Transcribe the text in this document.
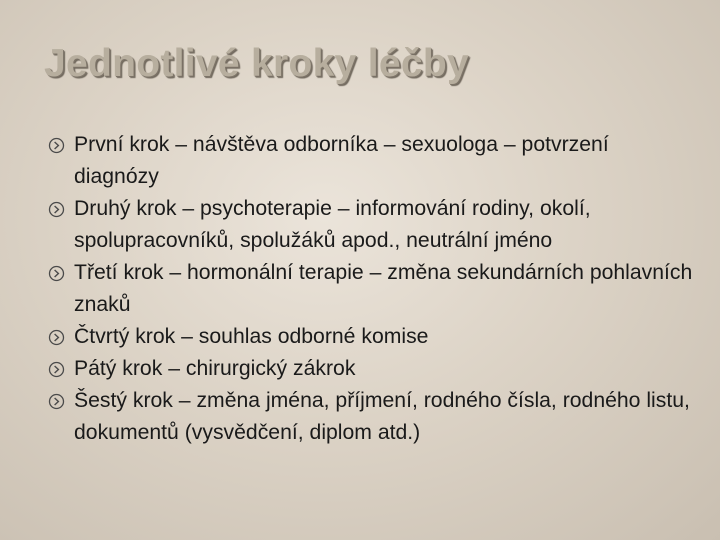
Jednotlivé kroky léčby
První krok – návštěva odborníka – sexuologa – potvrzení diagnózy
Druhý krok – psychoterapie – informování rodiny, okolí, spolupracovníků, spolužáků apod., neutrální jméno
Třetí krok – hormonální terapie – změna sekundárních pohlavních znaků
Čtvrtý krok – souhlas odborné komise
Pátý krok – chirurgický zákrok
Šestý krok – změna jména, příjmení, rodného čísla, rodného listu, dokumentů (vysvědčení, diplom atd.)
